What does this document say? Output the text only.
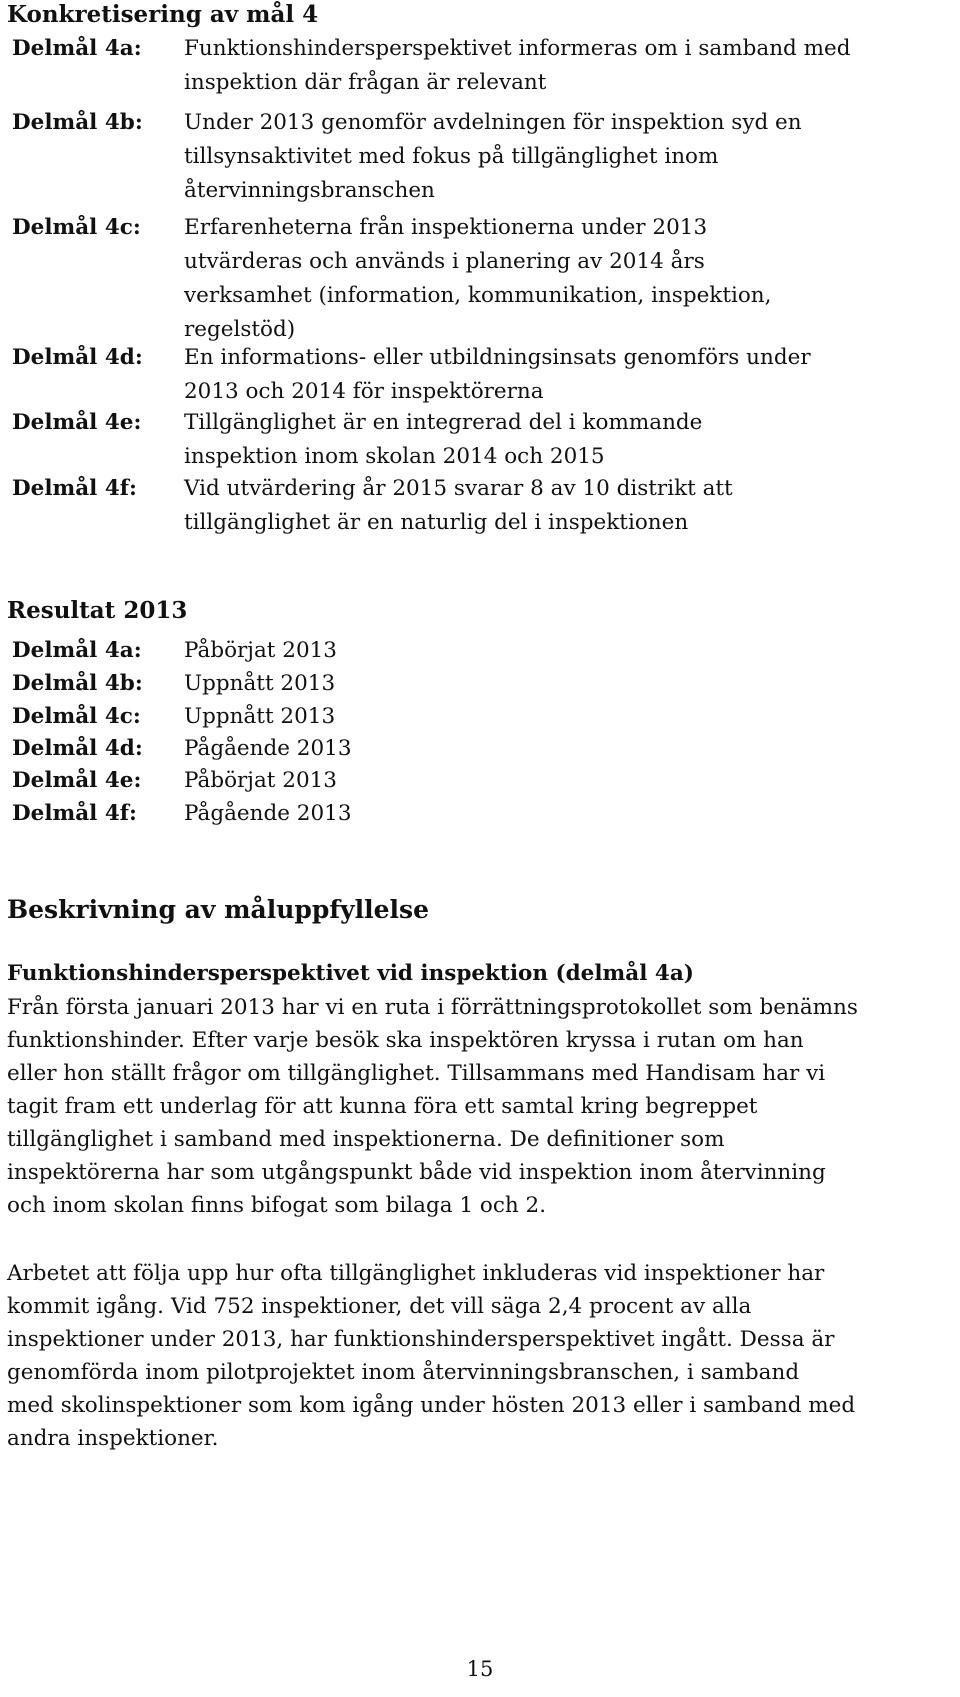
Konkretisering av mål 4
Delmål 4a: Funktionshindersperspektivet informeras om i samband med
inspektion där frågan är relevant
Delmål 4b: Under 2013 genomför avdelningen för inspektion syd en
tillsynsaktivitet med fokus på tillgänglighet inom
återvinningsbranschen
Delmål 4c: Erfarenheterna från inspektionerna under 2013
utvärderas och används i planering av 2014 års
verksamhet (information, kommunikation, inspektion,
regelstöd)
Delmål 4d: En informations- eller utbildningsinsats genomförs under
2013 och 2014 för inspektörerna
Delmål 4e: Tillgänglighet är en integrerad del i kommande
inspektion inom skolan 2014 och 2015
Delmål 4f: Vid utvärdering år 2015 svarar 8 av 10 distrikt att
tillgänglighet är en naturlig del i inspektionen
Resultat 2013
Delmål 4a: Påbörjat 2013
Delmål 4b: Uppnått 2013
Delmål 4c: Uppnått 2013
Delmål 4d: Pågående 2013
Delmål 4e: Påbörjat 2013
Delmål 4f: Pågående 2013
Beskrivning av måluppfyllelse
Funktionshindersperspektivet vid inspektion (delmål 4a)
Från första januari 2013 har vi en ruta i förrättningsprotokollet som benämns
funktionshinder. Efter varje besök ska inspektören kryssa i rutan om han
eller hon ställt frågor om tillgänglighet. Tillsammans med Handisam har vi
tagit fram ett underlag för att kunna föra ett samtal kring begreppet
tillgänglighet i samband med inspektionerna. De definitioner som
inspektörerna har som utgångspunkt både vid inspektion inom återvinning
och inom skolan finns bifogat som bilaga 1 och 2.
Arbetet att följa upp hur ofta tillgänglighet inkluderas vid inspektioner har
kommit igång. Vid 752 inspektioner, det vill säga 2,4 procent av alla
inspektioner under 2013, har funktionshindersperspektivet ingått. Dessa är
genomförda inom pilotprojektet inom återvinningsbranschen, i samband
med skolinspektioner som kom igång under hösten 2013 eller i samband med
andra inspektioner.
15
